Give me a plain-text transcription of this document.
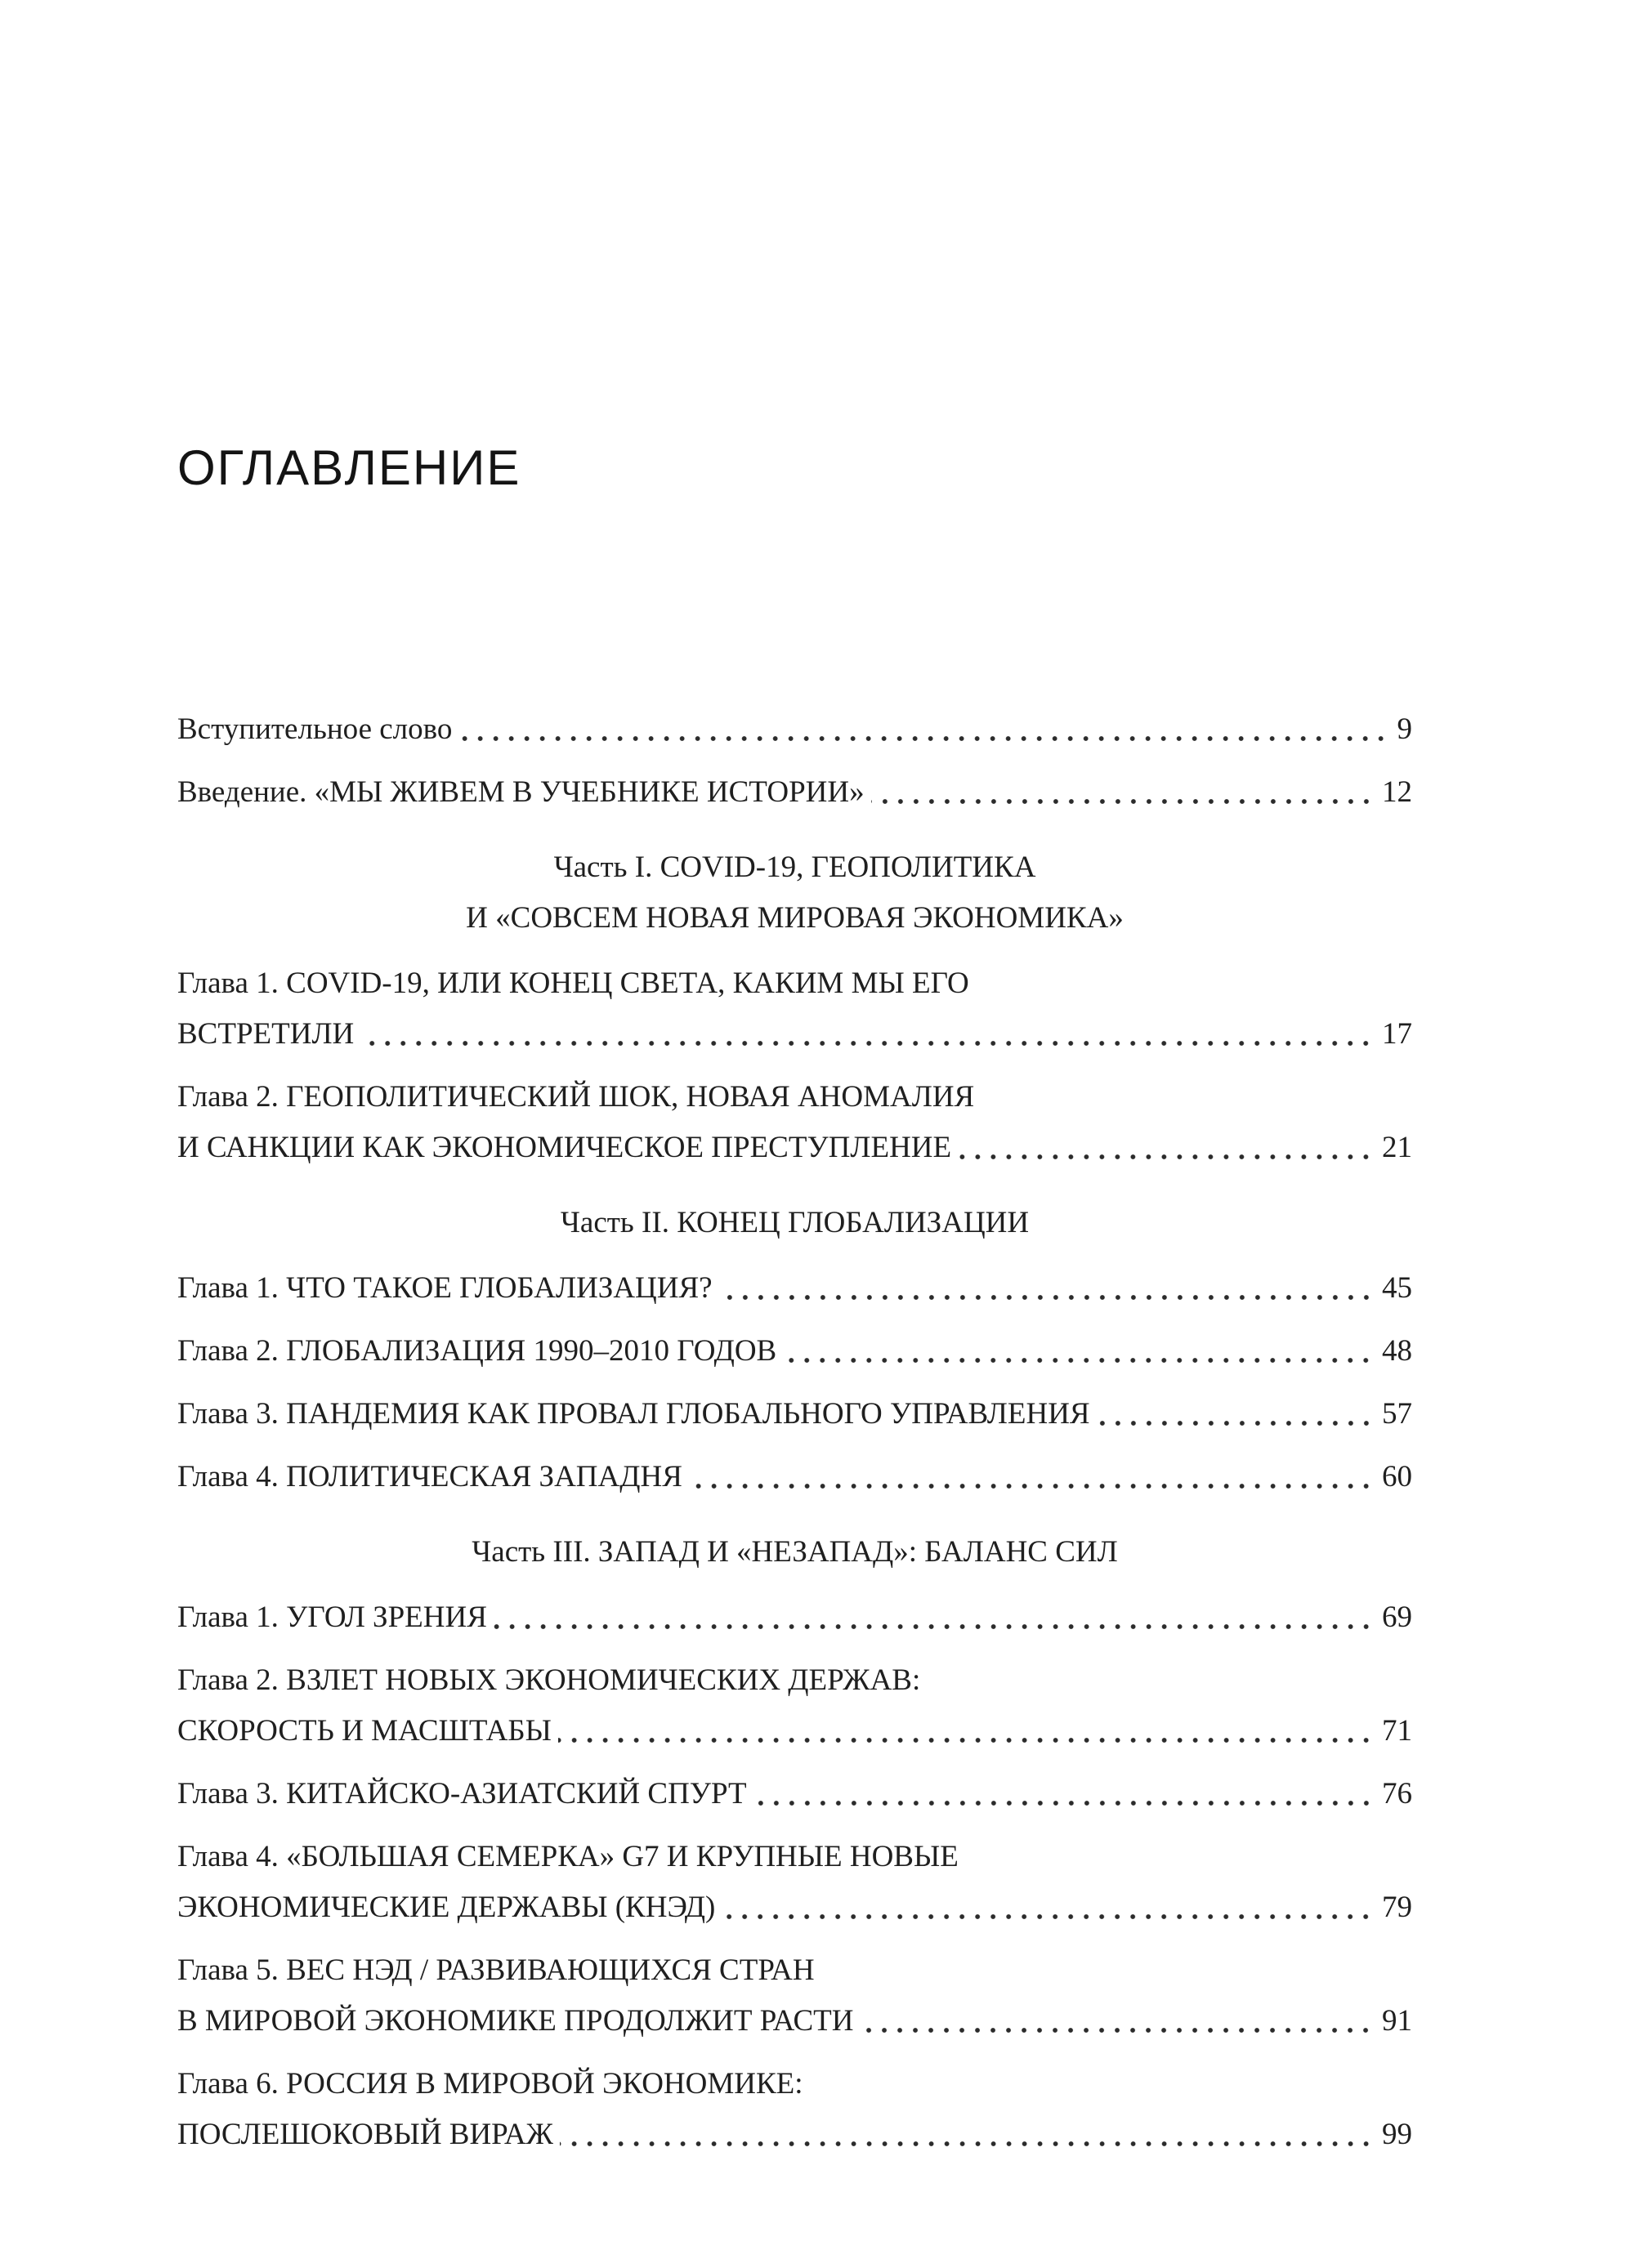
ОГЛАВЛЕНИЕ
Вступительное слово	9
Введение. «МЫ ЖИВЕМ В УЧЕБНИКЕ ИСТОРИИ»	12
Часть I. COVID-19, ГЕОПОЛИТИКА
И «СОВСЕМ НОВАЯ МИРОВАЯ ЭКОНОМИКА»
Глава 1. COVID-19, ИЛИ КОНЕЦ СВЕТА, КАКИМ МЫ ЕГО
ВСТРЕТИЛИ	17
Глава 2. ГЕОПОЛИТИЧЕСКИЙ ШОК, НОВАЯ АНОМАЛИЯ
И САНКЦИИ КАК ЭКОНОМИЧЕСКОЕ ПРЕСТУПЛЕНИЕ	21
Часть II. КОНЕЦ ГЛОБАЛИЗАЦИИ
Глава 1. ЧТО ТАКОЕ ГЛОБАЛИЗАЦИЯ?	45
Глава 2. ГЛОБАЛИЗАЦИЯ 1990–2010 ГОДОВ	48
Глава 3. ПАНДЕМИЯ КАК ПРОВАЛ ГЛОБАЛЬНОГО УПРАВЛЕНИЯ	57
Глава 4. ПОЛИТИЧЕСКАЯ ЗАПАДНЯ	60
Часть III. ЗАПАД И «НЕЗАПАД»: БАЛАНС СИЛ
Глава 1. УГОЛ ЗРЕНИЯ	69
Глава 2. ВЗЛЕТ НОВЫХ ЭКОНОМИЧЕСКИХ ДЕРЖАВ:
СКОРОСТЬ И МАСШТАБЫ	71
Глава 3. КИТАЙСКО-АЗИАТСКИЙ СПУРТ	76
Глава 4. «БОЛЬШАЯ СЕМЕРКА» G7 И КРУПНЫЕ НОВЫЕ
ЭКОНОМИЧЕСКИЕ ДЕРЖАВЫ (КНЭД)	79
Глава 5. ВЕС НЭД / РАЗВИВАЮЩИХСЯ СТРАН
В МИРОВОЙ ЭКОНОМИКЕ ПРОДОЛЖИТ РАСТИ	91
Глава 6. РОССИЯ В МИРОВОЙ ЭКОНОМИКЕ:
ПОСЛЕШОКОВЫЙ ВИРАЖ	99
